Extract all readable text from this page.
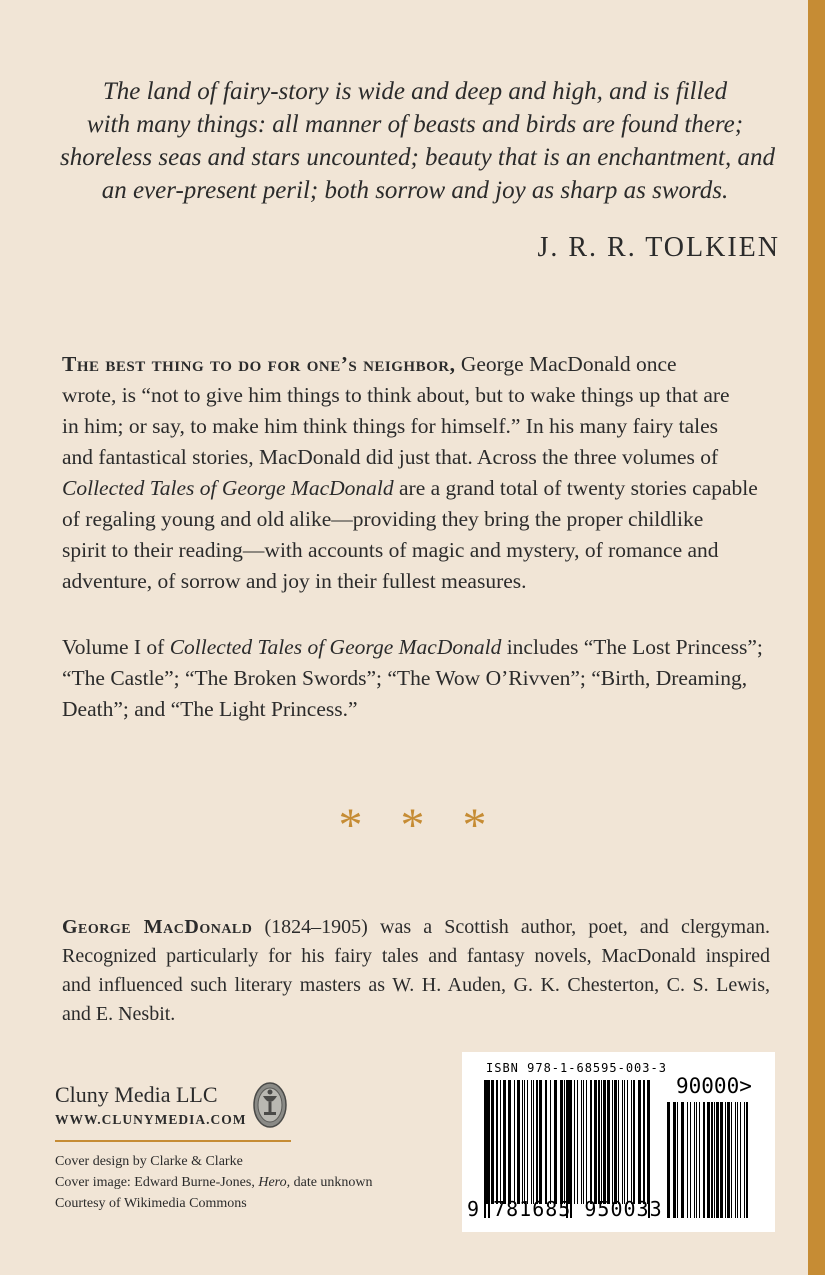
The land of fairy-story is wide and deep and high, and is filled
with many things: all manner of beasts and birds are found there;
shoreless seas and stars uncounted; beauty that is an enchantment, and
an ever-present peril; both sorrow and joy as sharp as swords.
J. R. R. TOLKIEN
The best thing to do for one’s neighbor, George MacDonald once
wrote, is “not to give him things to think about, but to wake things up that are
in him; or say, to make him think things for himself.” In his many fairy tales
and fantastical stories, MacDonald did just that. Across the three volumes of
Collected Tales of George MacDonald are a grand total of twenty stories capable
of regaling young and old alike—providing they bring the proper childlike
spirit to their reading—with accounts of magic and mystery, of romance and
adventure, of sorrow and joy in their fullest measures.
Volume I of Collected Tales of George MacDonald includes “The Lost Princess”;
“The Castle”; “The Broken Swords”; “The Wow O’Rivven”; “Birth, Dreaming,
Death”; and “The Light Princess.”
* * *
George MacDonald (1824–1905) was a Scottish author, poet, and clergyman.
Recognized particularly for his fairy tales and fantasy novels, MacDonald inspired
and influenced such literary masters as W. H. Auden, G. K. Chesterton, C. S. Lewis,
and E. Nesbit.
Cluny Media LLC
WWW.CLUNYMEDIA.COM
Cover design by Clarke & Clarke
Cover image: Edward Burne-Jones, Hero, date unknown
Courtesy of Wikimedia Commons
ISBN 978-1-68595-003-3
90000>
9 781685 950033
